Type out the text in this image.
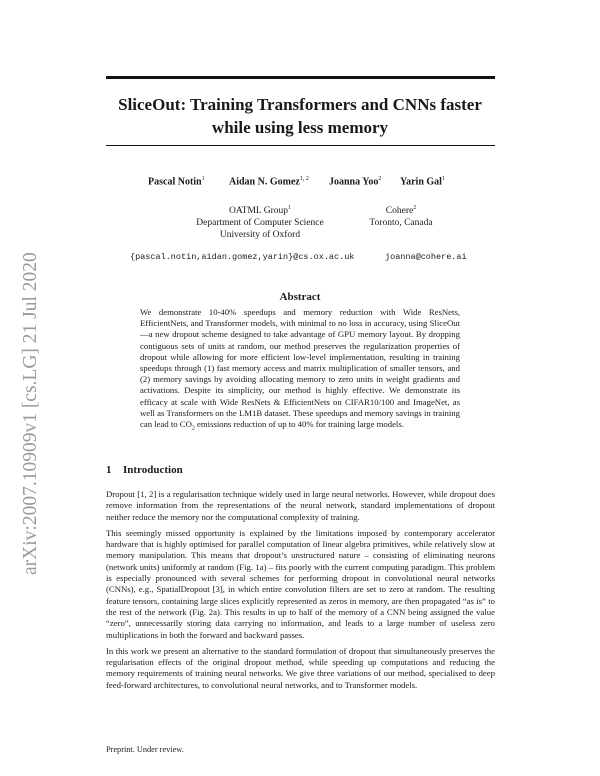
arXiv:2007.10909v1 [cs.LG] 21 Jul 2020
SliceOut: Training Transformers and CNNs faster
while using less memory
Pascal Notin$^1$ Aidan N. Gomez$^{1, 2}$ Joanna Yoo$^2$ Yarin Gal$^1$
OATML Group$^1$
Department of Computer Science
University of Oxford
Cohere$^2$
Toronto, Canada
{pascal.notin,aidan.gomez,yarin}@cs.ox.ac.uk	joanna@cohere.ai
Abstract
We demonstrate 10-40% speedups and memory reduction with Wide ResNets, EfficientNets, and Transformer models, with minimal to no loss in accuracy, using SliceOut—a new dropout scheme designed to take advantage of GPU memory layout. By dropping contiguous sets of units at random, our method preserves the regularization properties of dropout while allowing for more efficient low-level implementation, resulting in training speedups through (1) fast memory access and matrix multiplication of smaller tensors, and (2) memory savings by avoiding allocating memory to zero units in weight gradients and activations. Despite its simplicity, our method is highly effective. We demonstrate its efficacy at scale with Wide ResNets & EfficientNets on CIFAR10/100 and ImageNet, as well as Transformers on the LM1B dataset. These speedups and memory savings in training can lead to $CO_2$ emissions reduction of up to 40% for training large models.
1 Introduction

Dropout [1, 2] is a regularisation technique widely used in large neural networks. However, while dropout does remove information from the representations of the neural network, standard implementations of dropout neither reduce the memory nor the computational complexity of training.

This seemingly missed opportunity is explained by the limitations imposed by contemporary accelerator hardware that is highly optimised for parallel computation of linear algebra primitives, while relatively slow at memory manipulation. This means that dropout’s unstructured nature – consisting of eliminating neurons (network units) uniformly at random (Fig. 1a) – fits poorly with the current computing paradigm. This problem is especially pronounced with several schemes for performing dropout in convolutional neural networks (CNNs), e.g., SpatialDropout [3], in which entire convolution filters are set to zero at random. The resulting feature tensors, containing large slices explicitly represented as zeros in memory, are then propagated “as is” to the rest of the network (Fig. 2a). This results in up to half of the memory of a CNN being assigned the value “zero”, unnecessarily storing data carrying no information, and leads to a large number of useless zero multiplications in both the forward and backward passes.

In this work we present an alternative to the standard formulation of dropout that simultaneously preserves the regularisation effects of the original dropout method, while speeding up computations and reducing the memory requirements of training neural networks. We give three variations of our method, specialised to deep feed-forward architectures, to convolutional neural networks, and to Transformer models.

Preprint. Under review.
